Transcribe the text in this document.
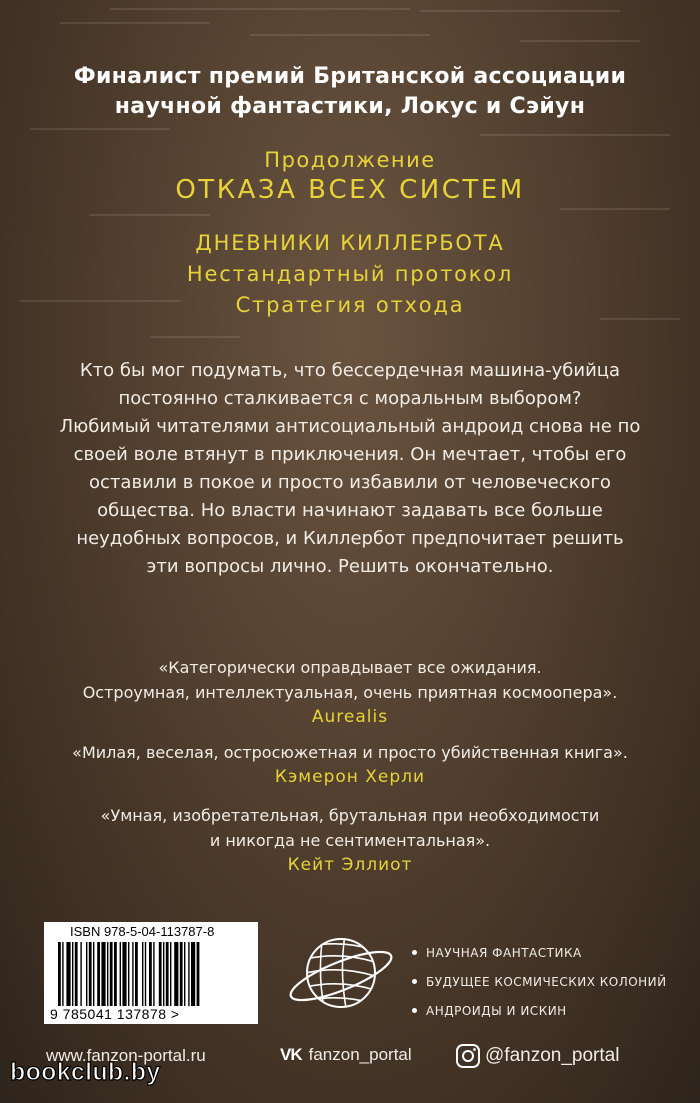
Финалист премий Британской ассоциации
научной фантастики, Локус и Сэйун
Продолжение
ОТКАЗА ВСЕХ СИСТЕМ
ДНЕВНИКИ КИЛЛЕРБОТА
Нестандартный протокол
Стратегия отхода
Кто бы мог подумать, что бессердечная машина-убийца
постоянно сталкивается с моральным выбором?
Любимый читателями антисоциальный андроид снова не по
своей воле втянут в приключения. Он мечтает, чтобы его
оставили в покое и просто избавили от человеческого
общества. Но власти начинают задавать все больше
неудобных вопросов, и Киллербот предпочитает решить
эти вопросы лично. Решить окончательно.
«Категорически оправдывает все ожидания.
Остроумная, интеллектуальная, очень приятная космоопера».
Aurealis
«Милая, веселая, остросюжетная и просто убийственная книга».
Кэмерон Херли
«Умная, изобретательная, брутальная при необходимости
и никогда не сентиментальная».
Кейт Эллиот
ISBN 978-5-04-113787-8
9 785041 137878 >
НАУЧНАЯ ФАНТАСТИКА
БУДУЩЕЕ КОСМИЧЕСКИХ КОЛОНИЙ
АНДРОИДЫ И ИСКИН
www.fanzon-portal.ru	VK fanzon_portal	@fanzon_portal
bookclub.by
